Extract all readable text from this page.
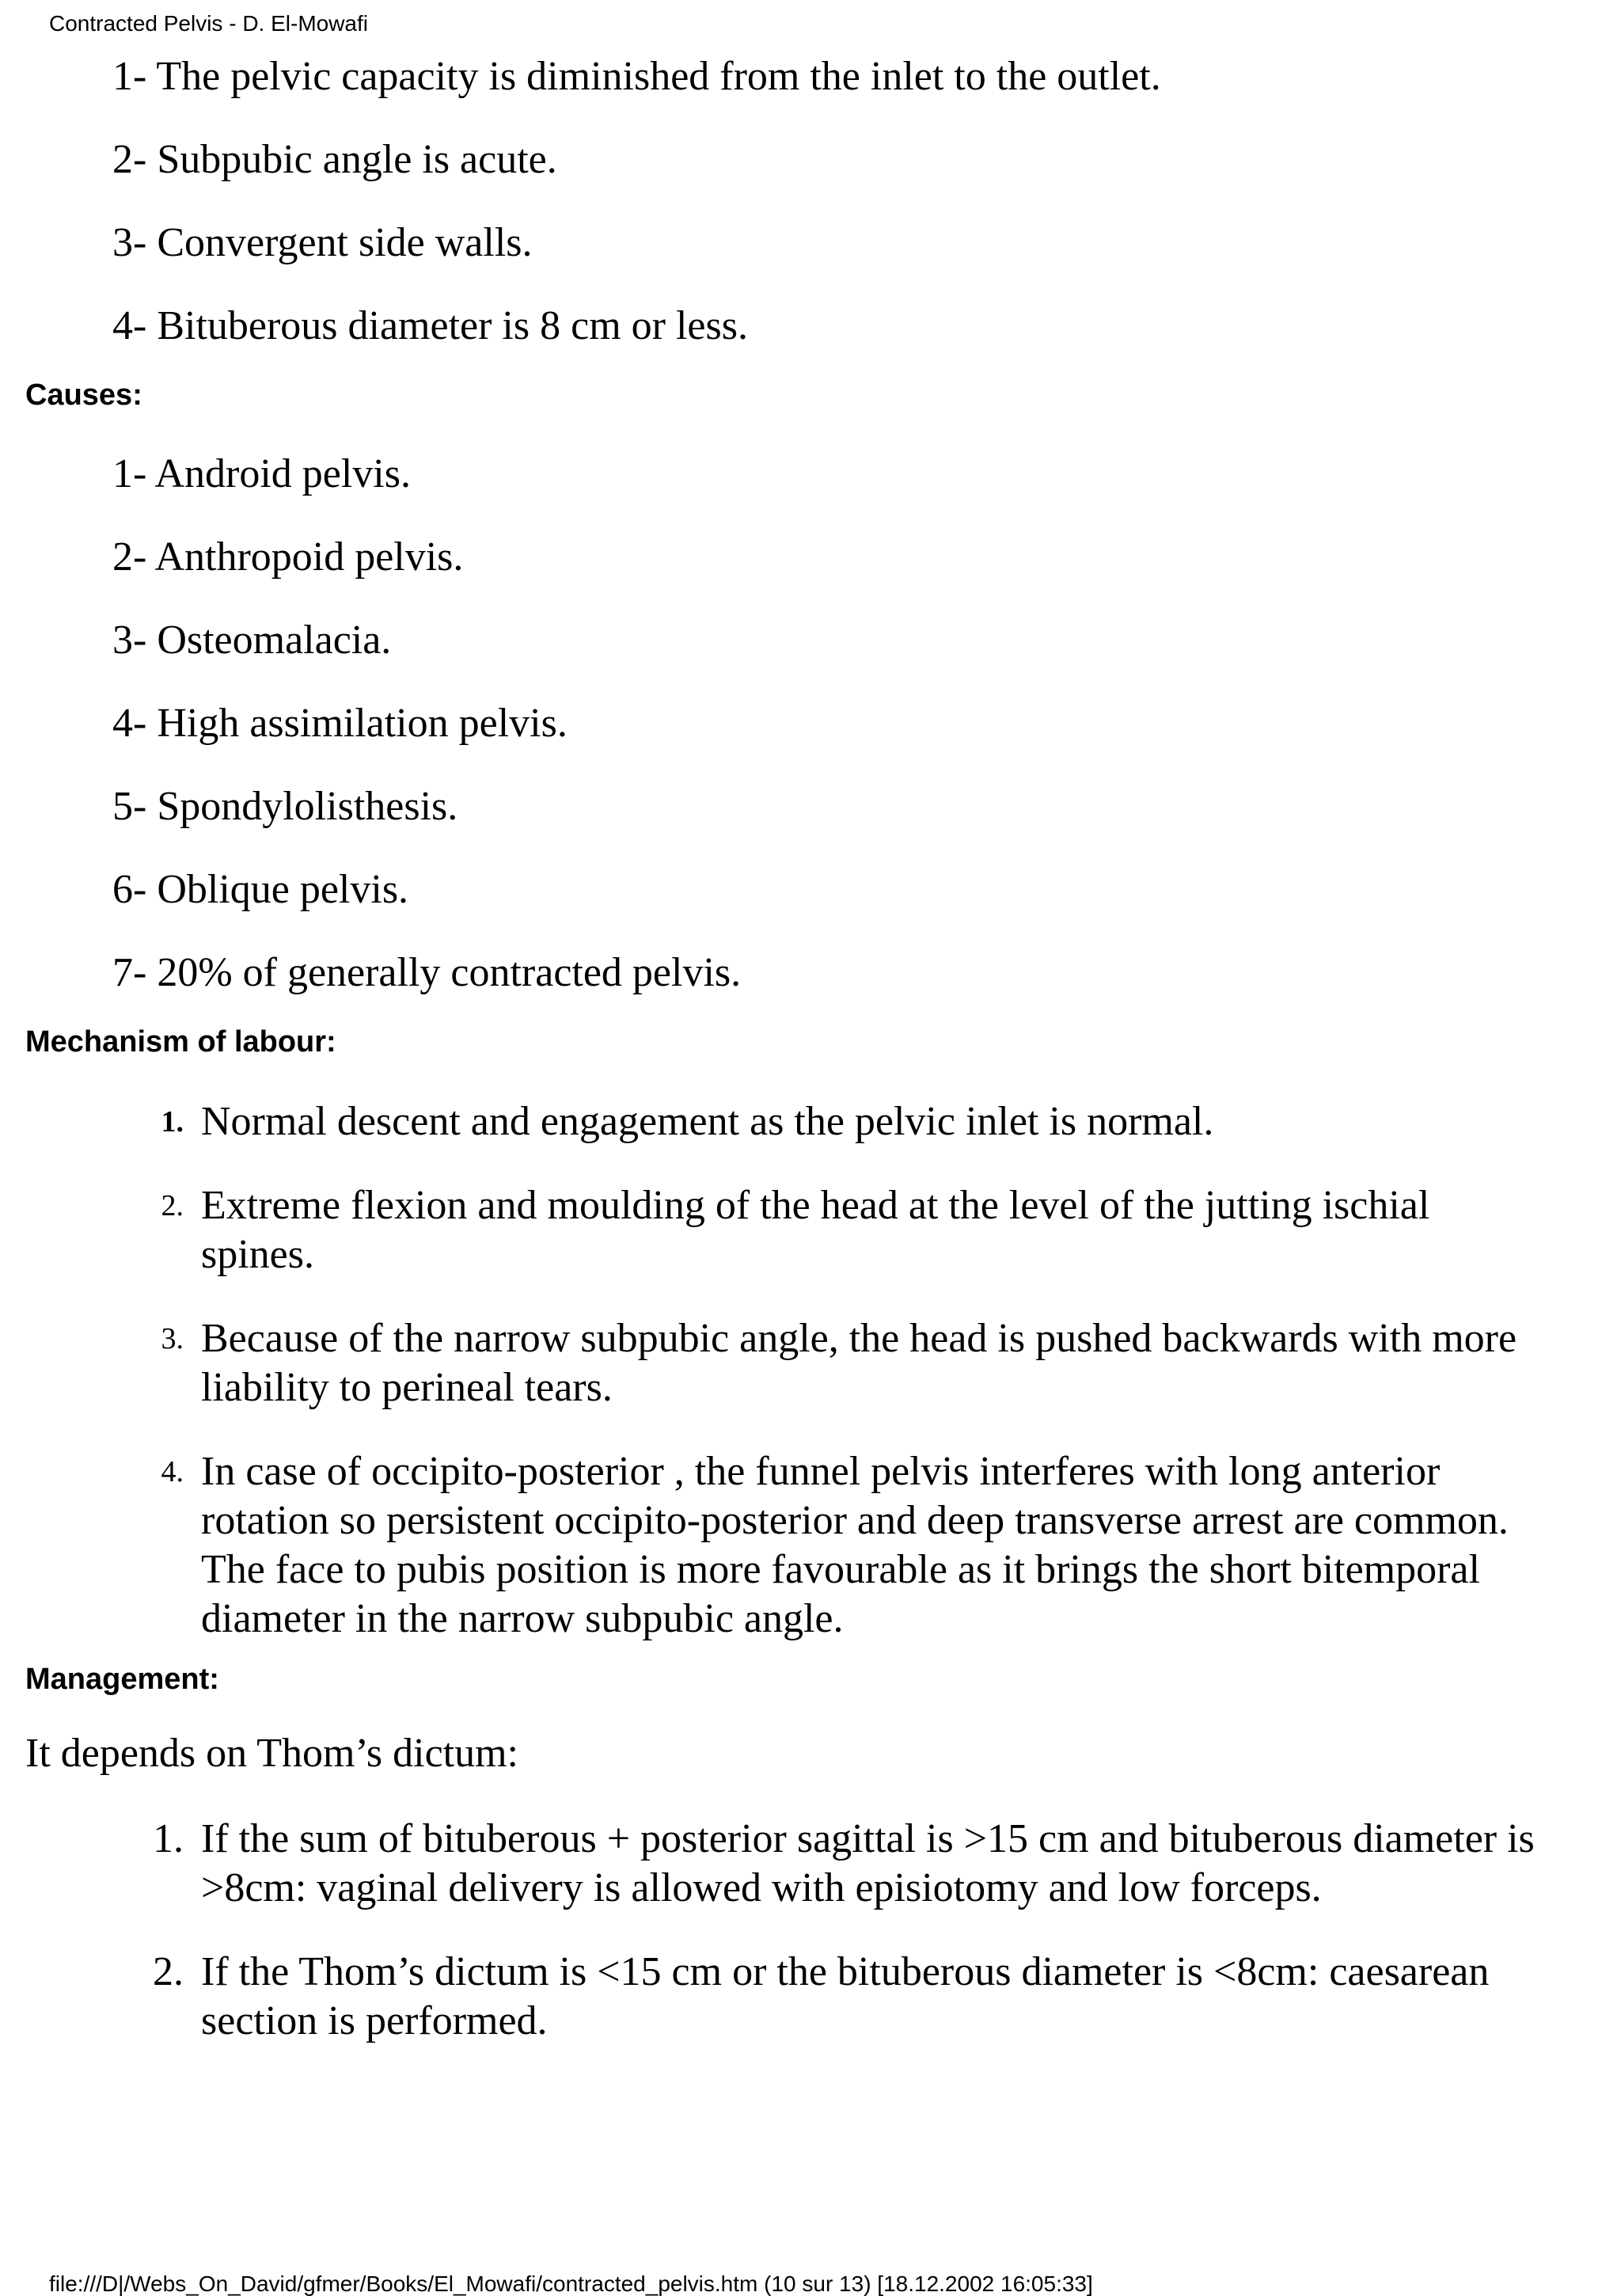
Contracted Pelvis - D. El-Mowafi
1- The pelvic capacity is diminished from the inlet to the outlet.
2- Subpubic angle is acute.
3- Convergent side walls.
4- Bituberous diameter is 8 cm or less.
Causes:
1- Android pelvis.
2- Anthropoid pelvis.
3- Osteomalacia.
4- High assimilation pelvis.
5- Spondylolisthesis.
6- Oblique pelvis.
7- 20% of generally contracted pelvis.
Mechanism of labour:
1. Normal descent and engagement as the pelvic inlet is normal.
2. Extreme flexion and moulding of the head at the level of the jutting ischial spines.
3. Because of the narrow subpubic angle, the head is pushed backwards with more liability to perineal tears.
4. In case of occipito-posterior , the funnel pelvis interferes with long anterior rotation so persistent occipito-posterior and deep transverse arrest are common. The face to pubis position is more favourable as it brings the short bitemporal diameter in the narrow subpubic angle.
Management:
It depends on Thom’s dictum:
1. If the sum of bituberous + posterior sagittal is >15 cm and bituberous diameter is >8cm: vaginal delivery is allowed with episiotomy and low forceps.
2. If the Thom’s dictum is <15 cm or the bituberous diameter is <8cm: caesarean section is performed.
file:///D|/Webs_On_David/gfmer/Books/El_Mowafi/contracted_pelvis.htm (10 sur 13) [18.12.2002 16:05:33]
